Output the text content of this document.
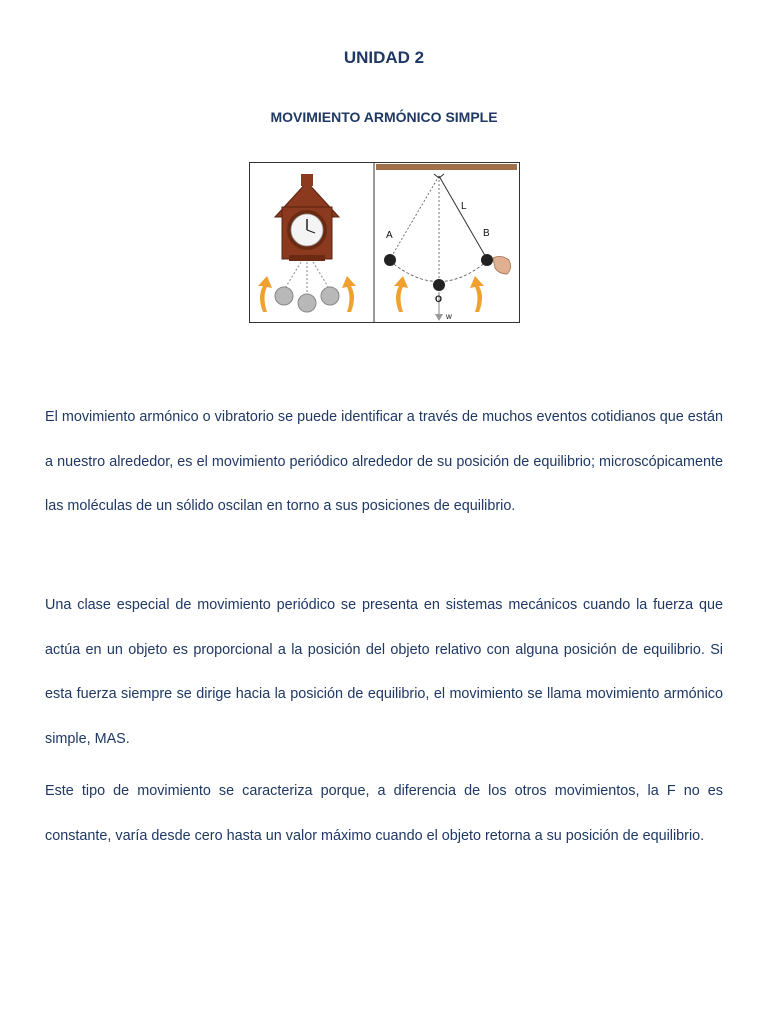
UNIDAD 2
MOVIMIENTO ARMÓNICO SIMPLE
A	B
L
O
w

El movimiento armónico o vibratorio se puede identificar a través de muchos eventos cotidianos que están a nuestro alrededor, es el movimiento periódico alrededor de su posición de equilibrio; microscópicamente las moléculas de un sólido oscilan en torno a sus posiciones de equilibrio.

Una clase especial de movimiento periódico se presenta en sistemas mecánicos cuando la fuerza que actúa en un objeto es proporcional a la posición del objeto relativo con alguna posición de equilibrio. Si esta fuerza siempre se dirige hacia la posición de equilibrio, el movimiento se llama movimiento armónico simple, MAS.

Este tipo de movimiento se caracteriza porque, a diferencia de los otros movimientos, la F no es constante, varía desde cero hasta un valor máximo cuando el objeto retorna a su posición de equilibrio.
